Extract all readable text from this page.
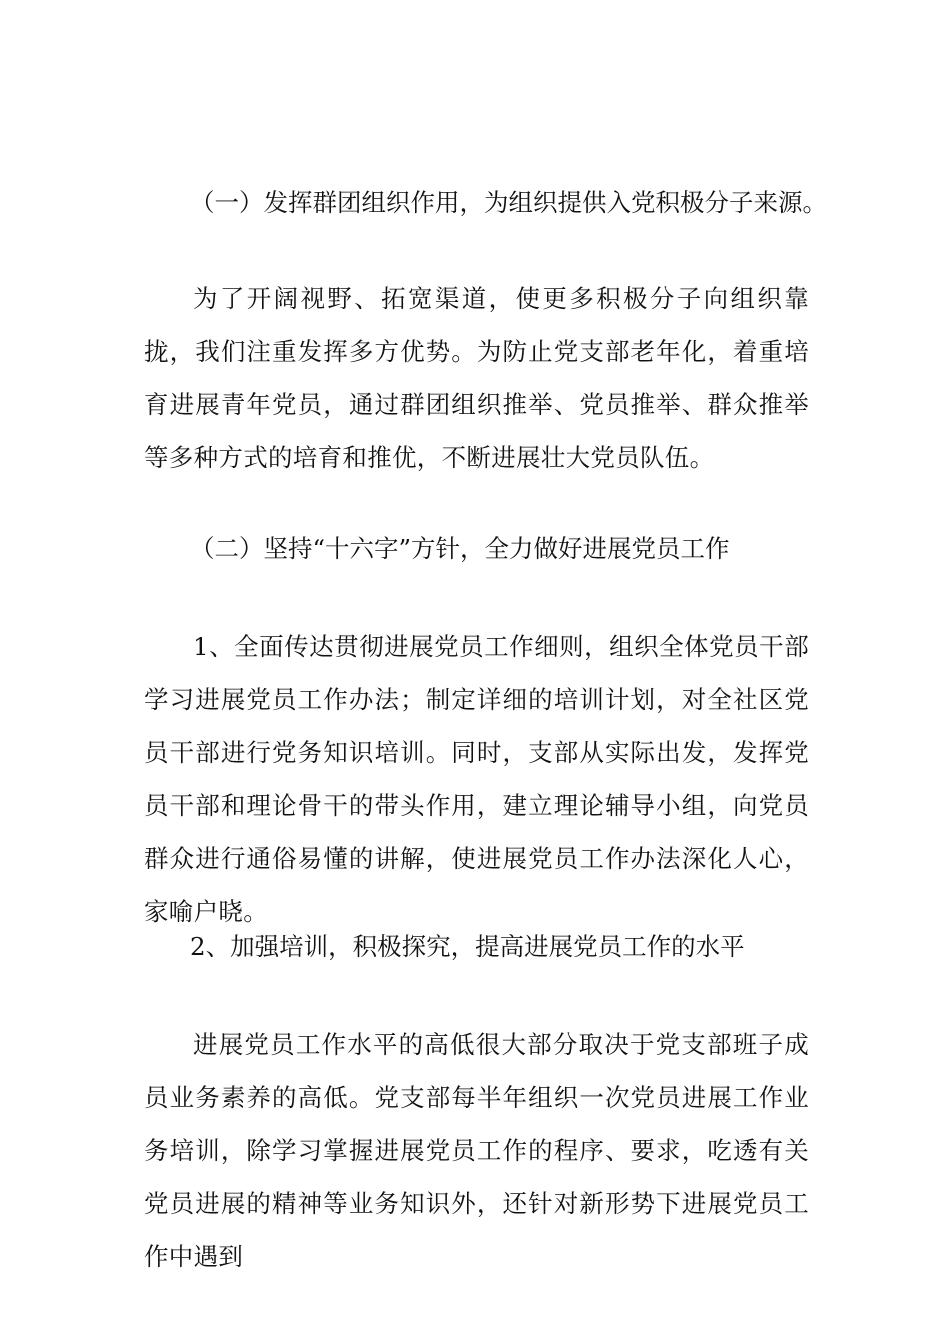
（一）发挥群团组织作用，为组织提供入党积极分子来源。

为了开阔视野、拓宽渠道，使更多积极分子向组织靠拢，我们注重发挥多方优势。为防止党支部老年化，着重培育进展青年党员，通过群团组织推举、党员推举、群众推举等多种方式的培育和推优，不断进展壮大党员队伍。

（二）坚持“十六字”方针，全力做好进展党员工作

1、全面传达贯彻进展党员工作细则，组织全体党员干部学习进展党员工作办法；制定详细的培训计划，对全社区党员干部进行党务知识培训。同时，支部从实际出发，发挥党员干部和理论骨干的带头作用，建立理论辅导小组，向党员群众进行通俗易懂的讲解，使进展党员工作办法深化人心，家喻户晓。

2、加强培训，积极探究，提高进展党员工作的水平

进展党员工作水平的高低很大部分取决于党支部班子成员业务素养的高低。党支部每半年组织一次党员进展工作业务培训，除学习掌握进展党员工作的程序、要求，吃透有关党员进展的精神等业务知识外，还针对新形势下进展党员工作中遇到
